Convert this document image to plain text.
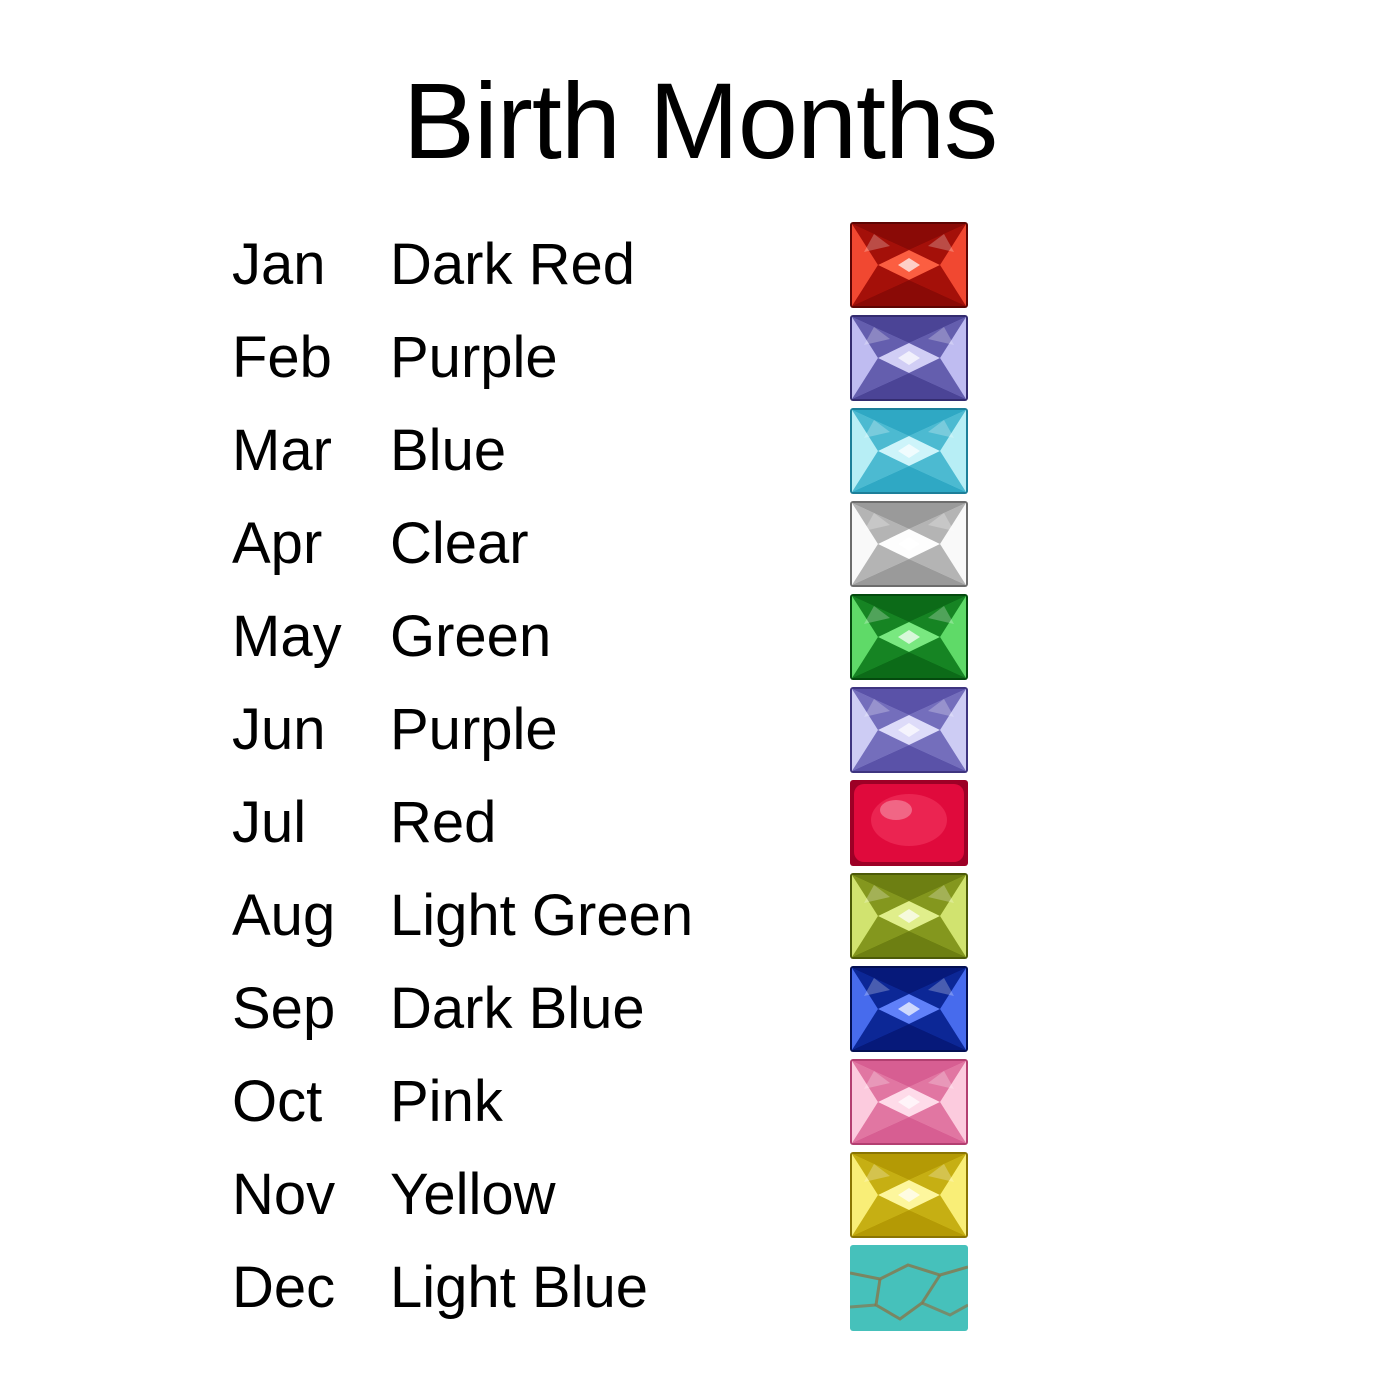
Birth Months
Jan	Dark Red
Feb	Purple
Mar	Blue
Apr	Clear
May Green
Jun	Purple
Jul	Red
Aug Light Green
Sep Dark Blue
Oct	Pink
Nov Yellow
Dec Light Blue
